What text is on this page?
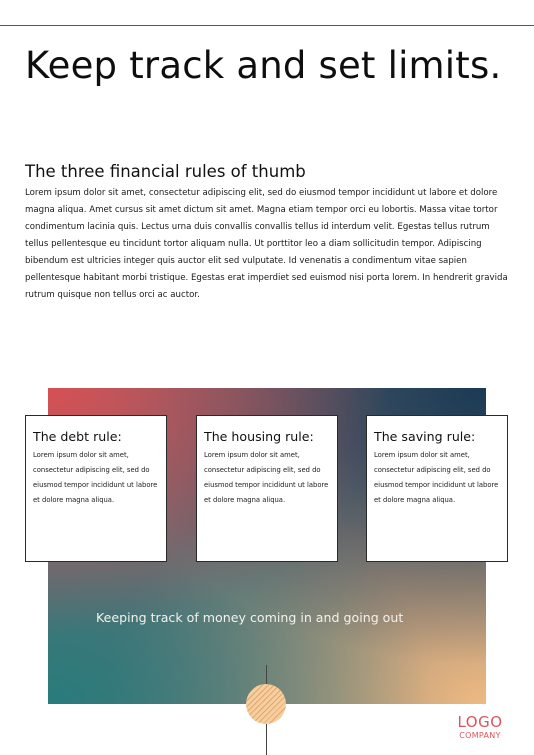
Keep track and set limits.
The three financial rules of thumb

Lorem ipsum dolor sit amet, consectetur adipiscing elit, sed do eiusmod tempor incididunt ut labore et dolore magna aliqua. Amet cursus sit amet dictum sit amet. Magna etiam tempor orci eu lobortis. Massa vitae tortor condimentum lacinia quis. Lectus urna duis convallis convallis tellus id interdum velit. Egestas tellus rutrum tellus pellentesque eu tincidunt tortor aliquam nulla. Ut porttitor leo a diam sollicitudin tempor. Adipiscing bibendum est ultricies integer quis auctor elit sed vulputate. Id venenatis a condimentum vitae sapien pellentesque habitant morbi tristique. Egestas erat imperdiet sed euismod nisi porta lorem. In hendrerit gravida rutrum quisque non tellus orci ac auctor.

The debt rule:

Lorem ipsum dolor sit amet, consectetur adipiscing elit, sed do eiusmod tempor incididunt ut labore et dolore magna aliqua.

The housing rule:

Lorem ipsum dolor sit amet, consectetur adipiscing elit, sed do eiusmod tempor incididunt ut labore et dolore magna aliqua.

The saving rule:

Lorem ipsum dolor sit amet, consectetur adipiscing elit, sed do eiusmod tempor incididunt ut labore et dolore magna aliqua.

Keeping track of money coming in and going out

LOGO
COMPANY
